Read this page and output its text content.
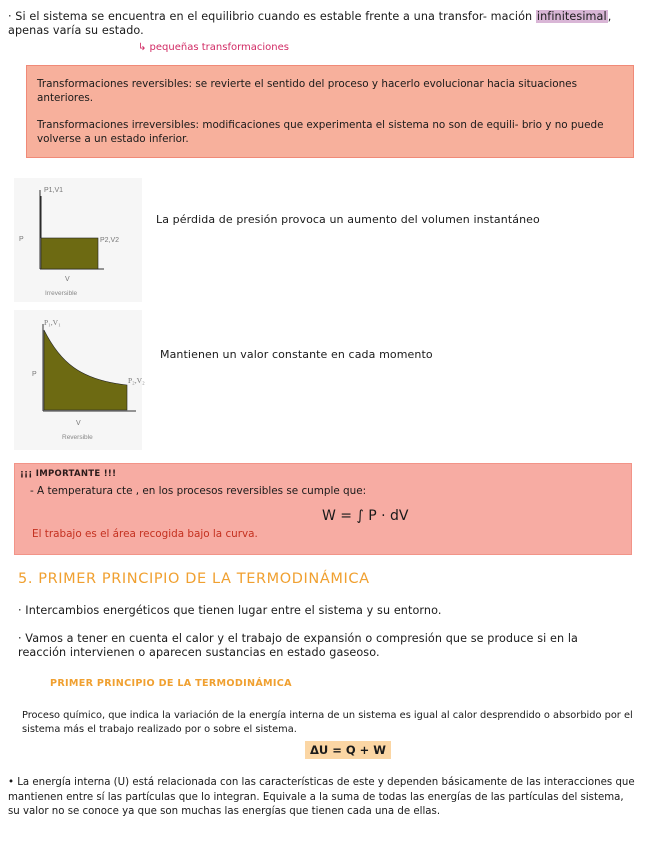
· Si el sistema se encuentra en el equilibrio cuando es estable frente a una transfor- mación infinitesimal, apenas varía su estado.
↳ pequeñas transformaciones

Transformaciones reversibles: se revierte el sentido del proceso y hacerlo evolucionar hacia situaciones anteriores.

Transformaciones irreversibles: modificaciones que experimenta el sistema no son de equili- brio y no puede volverse a un estado inferior.

P1,V1
P2,V2
P
V
Irreversible
La pérdida de presión provoca un aumento del volumen instantáneo
P₁,V₁
P₂,V₂
P
V
Reversible
Mantienen un valor constante en cada momento
¡¡¡ IMPORTANTE !!!
- A temperatura cte , en los procesos reversibles se cumple que:
W = ∫ P · dV
El trabajo es el área recogida bajo la curva.
5. PRIMER PRINCIPIO DE LA TERMODINÁMICA
· Intercambios energéticos que tienen lugar entre el sistema y su entorno.
· Vamos a tener en cuenta el calor y el trabajo de expansión o compresión que se produce si en la reacción intervienen o aparecen sustancias en estado gaseoso.
PRIMER PRINCIPIO DE LA TERMODINÁMICA
Proceso químico, que indica la variación de la energía interna de un sistema es igual al calor desprendido o absorbido por el sistema más el trabajo realizado por o sobre el sistema.
ΔU = Q + W
• La energía interna (U) está relacionada con las características de este y dependen básicamente de las interacciones que mantienen entre sí las partículas que lo integran. Equivale a la suma de todas las energías de las partículas del sistema, su valor no se conoce ya que son muchas las energías que tienen cada una de ellas.
